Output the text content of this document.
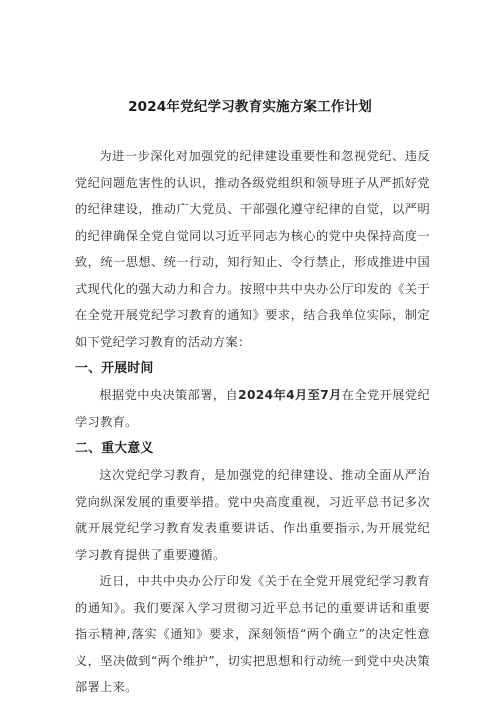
2024年党纪学习教育实施方案工作计划

为进一步深化对加强党的纪律建设重要性和忽视党纪、违反党纪问题危害性的认识，推动各级党组织和领导班子从严抓好党的纪律建设，推动广大党员、干部强化遵守纪律的自觉，以严明的纪律确保全党自觉同以习近平同志为核心的党中央保持高度一致，统一思想、统一行动，知行知止、令行禁止，形成推进中国式现代化的强大动力和合力。按照中共中央办公厅印发的《关于在全党开展党纪学习教育的通知》要求，结合我单位实际，制定如下党纪学习教育的活动方案：

一、开展时间

根据党中央决策部署，自2024年4月至7月在全党开展党纪学习教育。

二、重大意义

这次党纪学习教育，是加强党的纪律建设、推动全面从严治党向纵深发展的重要举措。党中央高度重视，习近平总书记多次就开展党纪学习教育发表重要讲话、作出重要指示,为开展党纪学习教育提供了重要遵循。

近日，中共中央办公厅印发《关于在全党开展党纪学习教育的通知》。我们要深入学习贯彻习近平总书记的重要讲话和重要指示精神,落实《通知》要求，深刻领悟“两个确立”的决定性意义，坚决做到“两个维护”，切实把思想和行动统一到党中央决策部署上来。
